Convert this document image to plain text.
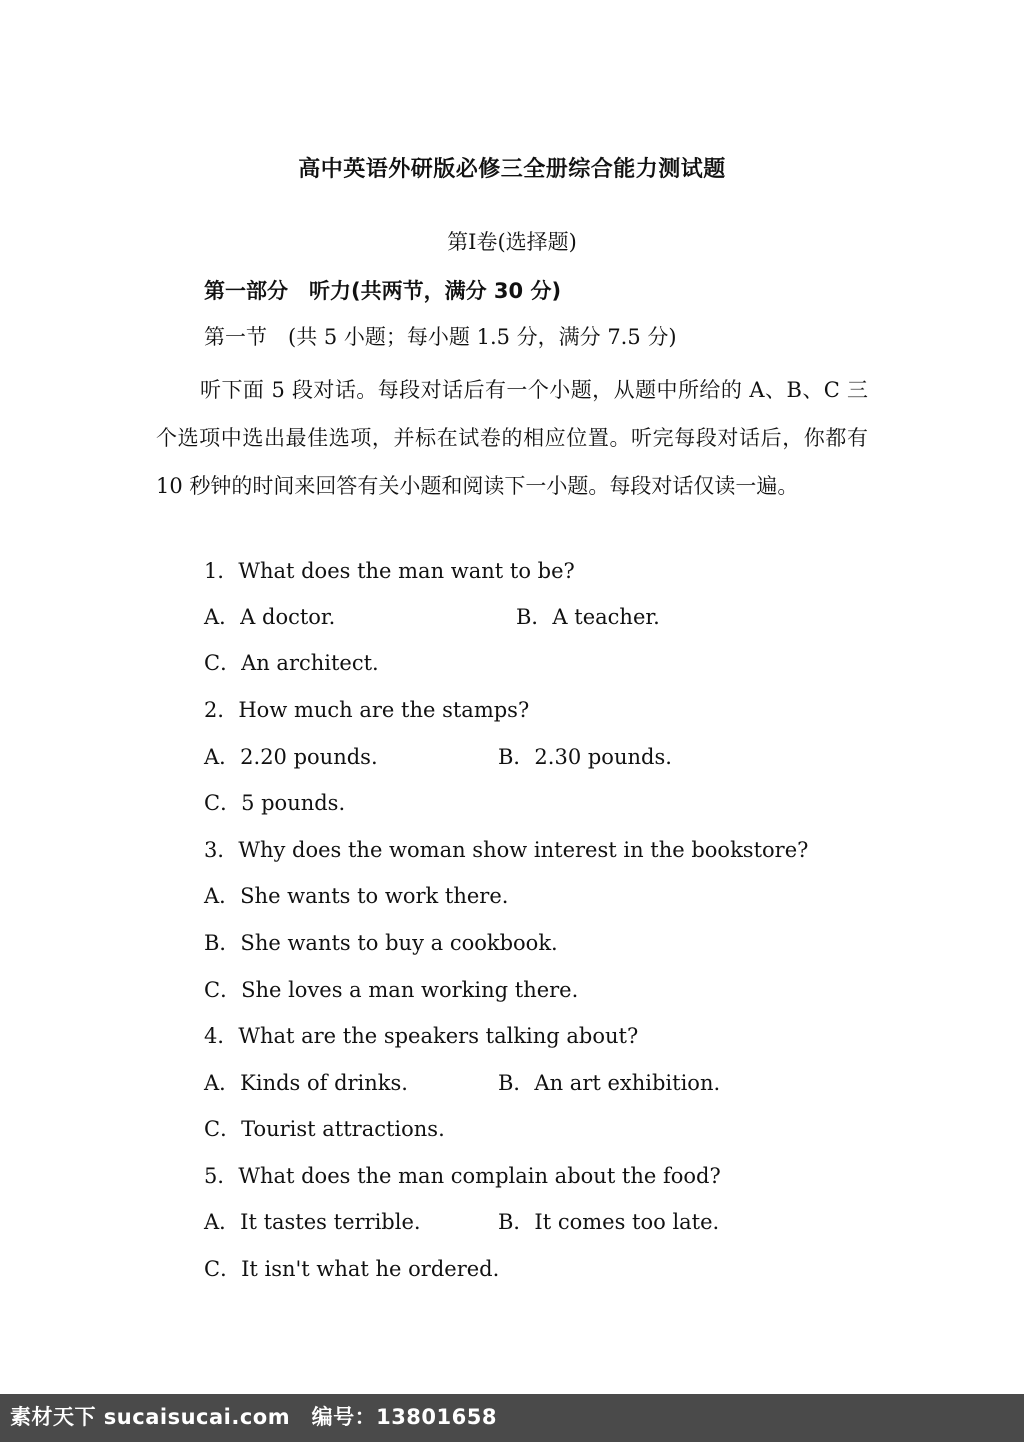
高中英语外研版必修三全册综合能力测试题
第Ⅰ卷(选择题)
第一部分　听力(共两节，满分 30 分)
第一节　(共 5 小题；每小题 1.5 分，满分 7.5 分)
听下面 5 段对话。每段对话后有一个小题，从题中所给的 A、B、C 三个选项中选出最佳选项，并标在试卷的相应位置。听完每段对话后，你都有 10 秒钟的时间来回答有关小题和阅读下一小题。每段对话仅读一遍。
1．What does the man want to be?
A．A doctor.	B．A teacher.
C．An architect.
2．How much are the stamps?
A．2.20 pounds.	B．2.30 pounds.
C．5 pounds.
3．Why does the woman show interest in the bookstore?
A．She wants to work there.
B．She wants to buy a cookbook.
C．She loves a man working there.
4．What are the speakers talking about?
A．Kinds of drinks.	B．An art exhibition.
C．Tourist attractions.
5．What does the man complain about the food?
A．It tastes terrible.	B．It comes too late.
C．It isn't what he ordered.
素材天下 sucaisucai.com　编号：13801658
